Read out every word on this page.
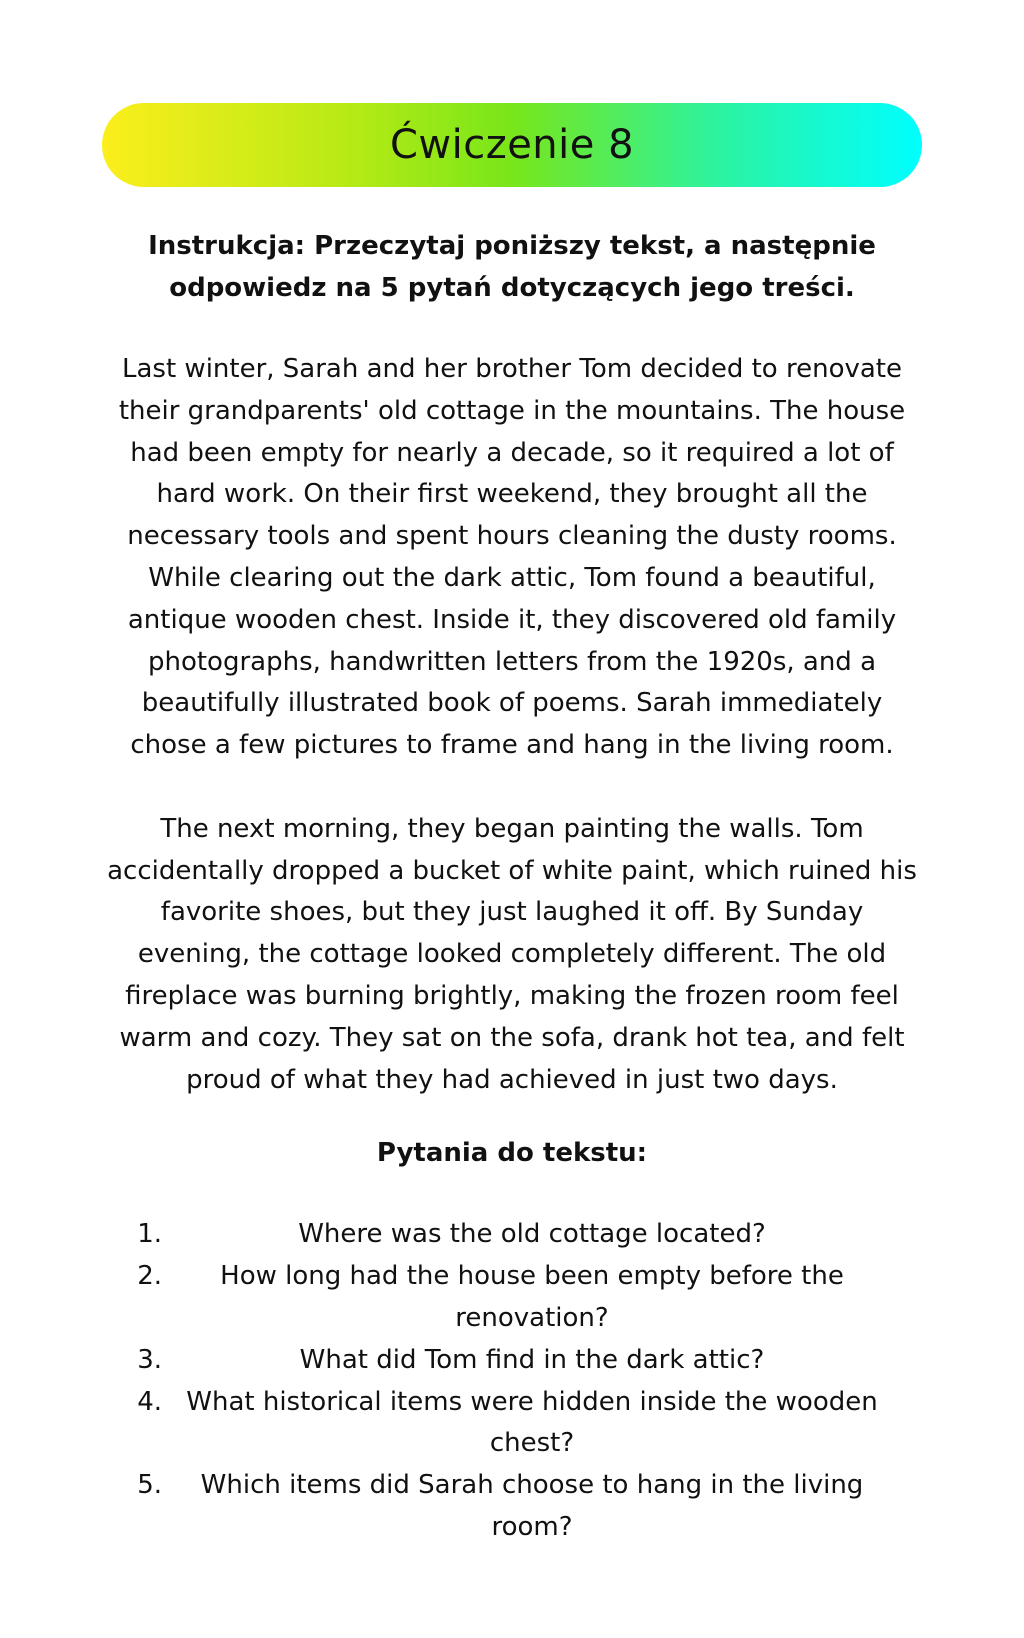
Ćwiczenie 8

Instrukcja: Przeczytaj poniższy tekst, a następnie odpowiedz na 5 pytań dotyczących jego treści.

Last winter, Sarah and her brother Tom decided to renovate their grandparents' old cottage in the mountains. The house had been empty for nearly a decade, so it required a lot of hard work. On their first weekend, they brought all the necessary tools and spent hours cleaning the dusty rooms.

While clearing out the dark attic, Tom found a beautiful, antique wooden chest. Inside it, they discovered old family photographs, handwritten letters from the 1920s, and a beautifully illustrated book of poems. Sarah immediately chose a few pictures to frame and hang in the living room.

The next morning, they began painting the walls. Tom accidentally dropped a bucket of white paint, which ruined his favorite shoes, but they just laughed it off. By Sunday evening, the cottage looked completely different. The old fireplace was burning brightly, making the frozen room feel warm and cozy. They sat on the sofa, drank hot tea, and felt proud of what they had achieved in just two days.

Pytania do tekstu:

1.	Where was the old cottage located?
2.	How long had the house been empty before the renovation?
3.	What did Tom find in the dark attic?
4. What historical items were hidden inside the wooden chest?
5.	Which items did Sarah choose to hang in the living room?
